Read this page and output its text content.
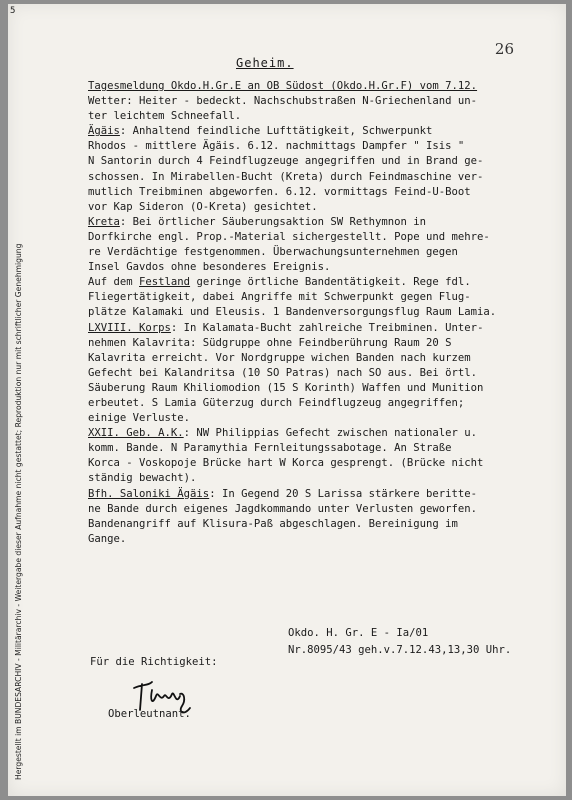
5
26
Geheim.
Tagesmeldung Okdo.H.Gr.E an OB Südost (Okdo.H.Gr.F) vom 7.12.
Wetter: Heiter - bedeckt. Nachschubstraßen N-Griechenland un-
ter leichtem Schneefall.
Ägäis: Anhaltend feindliche Lufttätigkeit, Schwerpunkt
Rhodos - mittlere Ägäis. 6.12. nachmittags Dampfer " Isis "
N Santorin durch 4 Feindflugzeuge angegriffen und in Brand ge-
schossen. In Mirabellen-Bucht (Kreta) durch Feindmaschine ver-
mutlich Treibminen abgeworfen. 6.12. vormittags Feind-U-Boot
vor Kap Sideron (O-Kreta) gesichtet.
Kreta: Bei örtlicher Säuberungsaktion SW Rethymnon in
Dorfkirche engl. Prop.-Material sichergestellt. Pope und mehre-
re Verdächtige festgenommen. Überwachungsunternehmen gegen
Insel Gavdos ohne besonderes Ereignis.
Auf dem Festland geringe örtliche Bandentätigkeit. Rege fdl.
Fliegertätigkeit, dabei Angriffe mit Schwerpunkt gegen Flug-
plätze Kalamaki und Eleusis. 1 Bandenversorgungsflug Raum Lamia.
LXVIII. Korps: In Kalamata-Bucht zahlreiche Treibminen. Unter-
nehmen Kalavrita: Südgruppe ohne Feindberührung Raum 20 S
Kalavrita erreicht. Vor Nordgruppe wichen Banden nach kurzem
Gefecht bei Kalandritsa (10 SO Patras) nach SO aus. Bei örtl.
Säuberung Raum Khiliomodion (15 S Korinth) Waffen und Munition
erbeutet. S Lamia Güterzug durch Feindflugzeug angegriffen;
einige Verluste.
XXII. Geb. A.K.: NW Philippias Gefecht zwischen nationaler u.
komm. Bande. N Paramythia Fernleitungssabotage. An Straße
Korca - Voskopoje Brücke hart W Korca gesprengt. (Brücke nicht
ständig bewacht).
Bfh. Saloniki Ägäis: In Gegend 20 S Larissa stärkere beritte-
ne Bande durch eigenes Jagdkommando unter Verlusten geworfen.
Bandenangriff auf Klisura-Paß abgeschlagen. Bereinigung im
Gange.
Okdo. H. Gr. E - Ia/01
Nr.8095/43 geh.v.7.12.43,13,30 Uhr.
Für die Richtigkeit:
Oberleutnant.
Hergestellt im BUNDESARCHIV - Militärarchiv - Weitergabe dieser Aufnahme nicht gestattet; Reproduktion nur mit schriftlicher Genehmigung
